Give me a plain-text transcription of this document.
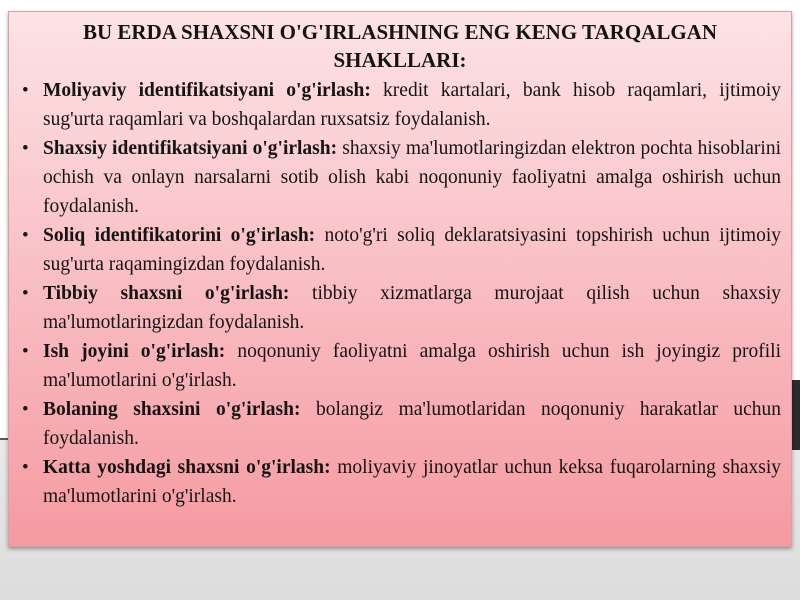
BU ERDA SHAXSNI O'G'IRLASHNING ENG KENG TARQALGAN SHAKLLARI:
• Moliyaviy identifikatsiyani o'g'irlash: kredit kartalari, bank hisob raqamlari, ijtimoiy sug'urta raqamlari va boshqalardan ruxsatsiz foydalanish.
• Shaxsiy identifikatsiyani o'g'irlash: shaxsiy ma'lumotlaringizdan elektron pochta hisoblarini ochish va onlayn narsalarni sotib olish kabi noqonuniy faoliyatni amalga oshirish uchun foydalanish.
• Soliq identifikatorini o'g'irlash: noto'g'ri soliq deklaratsiyasini topshirish uchun ijtimoiy sug'urta raqamingizdan foydalanish.
• Tibbiy shaxsni o'g'irlash: tibbiy xizmatlarga murojaat qilish uchun shaxsiy ma'lumotlaringizdan foydalanish.
• Ish joyini o'g'irlash: noqonuniy faoliyatni amalga oshirish uchun ish joyingiz profili ma'lumotlarini o'g'irlash.
• Bolaning shaxsini o'g'irlash: bolangiz ma'lumotlaridan noqonuniy harakatlar uchun foydalanish.
• Katta yoshdagi shaxsni o'g'irlash: moliyaviy jinoyatlar uchun keksa fuqarolarning shaxsiy ma'lumotlarini o'g'irlash.
